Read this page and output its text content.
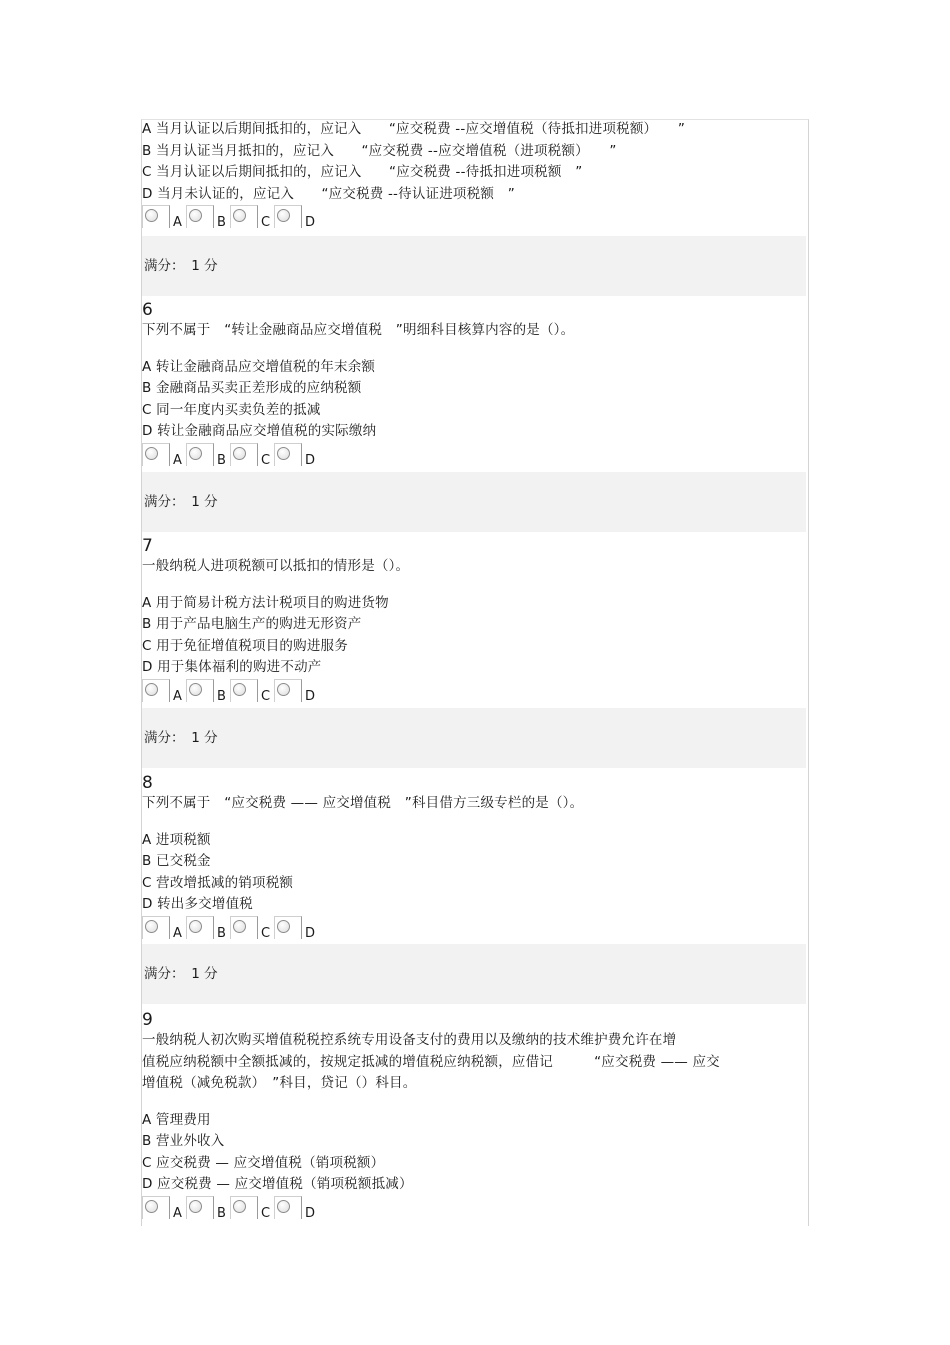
A 当月认证以后期间抵扣的，应记入　　“应交税费 --应交增值税（待抵扣进项税额）　　”
B 当月认证当月抵扣的，应记入　　“应交税费 --应交增值税（进项税额）　　”
C 当月认证以后期间抵扣的，应记入　　“应交税费 --待抵扣进项税额　”
D 当月未认证的，应记入　　“应交税费 --待认证进项税额　”
A	B	C	D
满分：　1 分
6
下列不属于　“转让金融商品应交增值税　”明细科目核算内容的是（）。
A 转让金融商品应交增值税的年末余额
B 金融商品买卖正差形成的应纳税额
C 同一年度内买卖负差的抵减
D 转让金融商品应交增值税的实际缴纳
A	B	C	D
满分：　1 分
7
一般纳税人进项税额可以抵扣的情形是（）。
A 用于简易计税方法计税项目的购进货物
B 用于产品电脑生产的购进无形资产
C 用于免征增值税项目的购进服务
D 用于集体福利的购进不动产
A	B	C	D
满分：　1 分
8
下列不属于　“应交税费 —— 应交增值税　”科目借方三级专栏的是（）。
A 进项税额
B 已交税金
C 营改增抵减的销项税额
D 转出多交增值税
A	B	C	D
满分：　1 分
9
一般纳税人初次购买增值税税控系统专用设备支付的费用以及缴纳的技术维护费允许在增
值税应纳税额中全额抵减的，按规定抵减的增值税应纳税额，应借记　　　“应交税费 —— 应交
增值税（减免税款）　”科目，贷记（）科目。
A 管理费用
B 营业外收入
C 应交税费 — 应交增值税（销项税额）
D 应交税费 — 应交增值税（销项税额抵减）
A	B	C	D
